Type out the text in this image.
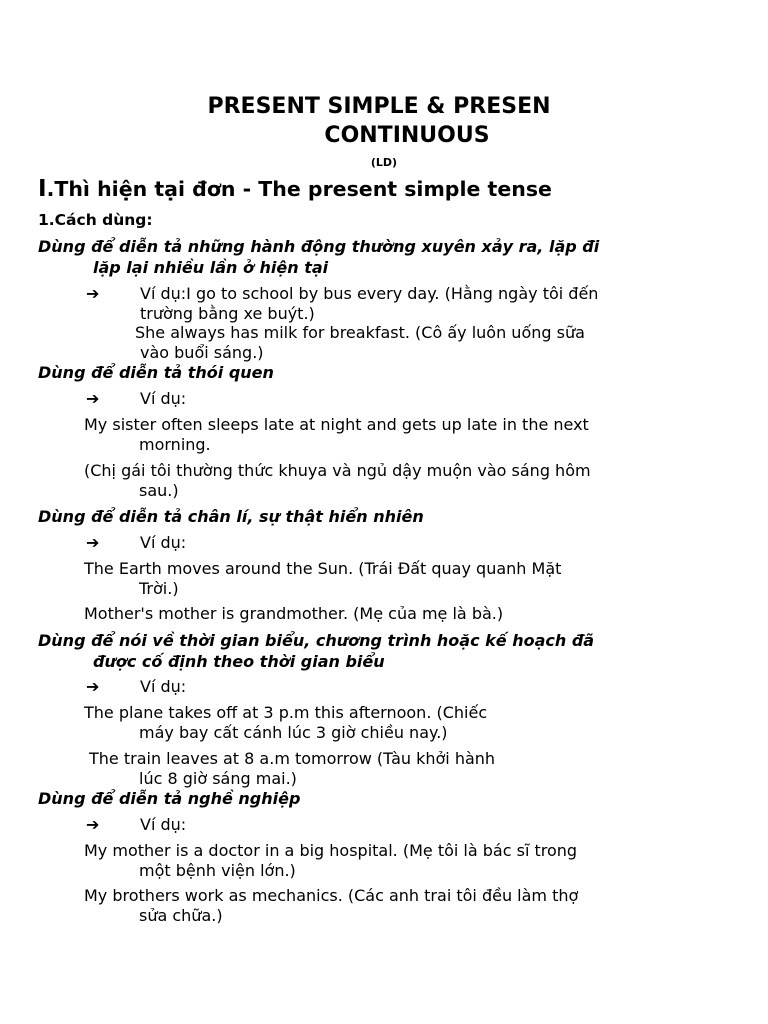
PRESENT SIMPLE & PRESEN
CONTINUOUS
(LD)
I.Thì hiện tại đơn - The present simple tense
1.Cách dùng:
Dùng để diễn tả những hành động thường xuyên xảy ra, lặp đi
lặp lại nhiều lần ở hiện tại
➔	Ví dụ:I go to school by bus every day. (Hằng ngày tôi đến
trường bằng xe buýt.)
She always has milk for breakfast. (Cô ấy luôn uống sữa
vào buổi sáng.)
Dùng để diễn tả thói quen
➔	Ví dụ:
My sister often sleeps late at night and gets up late in the next
morning.
(Chị gái tôi thường thức khuya và ngủ dậy muộn vào sáng hôm
sau.)
Dùng để diễn tả chân lí, sự thật hiển nhiên
➔	Ví dụ:
The Earth moves around the Sun. (Trái Đất quay quanh Mặt
Trời.)
Mother's mother is grandmother. (Mẹ của mẹ là bà.)
Dùng để nói về thời gian biểu, chương trình hoặc kế hoạch đã
được cố định theo thời gian biểu
➔	Ví dụ:
The plane takes off at 3 p.m this afternoon. (Chiếc
máy bay cất cánh lúc 3 giờ chiều nay.)
The train leaves at 8 a.m tomorrow (Tàu khởi hành
lúc 8 giờ sáng mai.)
Dùng để diễn tả nghề nghiệp
➔	Ví dụ:
My mother is a doctor in a big hospital. (Mẹ tôi là bác sĩ trong
một bệnh viện lớn.)
My brothers work as mechanics. (Các anh trai tôi đều làm thợ
sửa chữa.)
